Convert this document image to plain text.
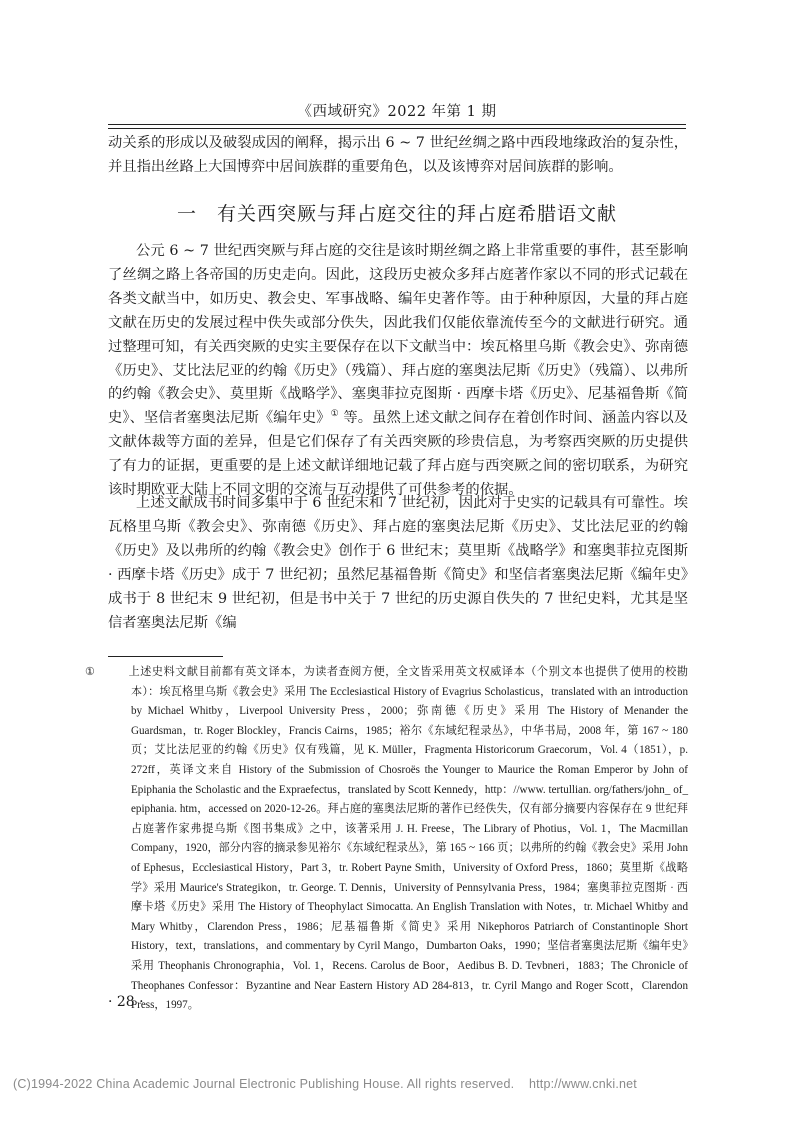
《西域研究》2022 年第 1 期

动关系的形成以及破裂成因的阐释，揭示出 6 ~ 7 世纪丝绸之路中西段地缘政治的复杂性，并且指出丝路上大国博弈中居间族群的重要角色，以及该博弈对居间族群的影响。

一　有关西突厥与拜占庭交往的拜占庭希腊语文献

公元 6 ~ 7 世纪西突厥与拜占庭的交往是该时期丝绸之路上非常重要的事件，甚至影响了丝绸之路上各帝国的历史走向。因此，这段历史被众多拜占庭著作家以不同的形式记载在各类文献当中，如历史、教会史、军事战略、编年史著作等。由于种种原因，大量的拜占庭文献在历史的发展过程中佚失或部分佚失，因此我们仅能依靠流传至今的文献进行研究。通过整理可知，有关西突厥的史实主要保存在以下文献当中：埃瓦格里乌斯《教会史》、弥南德《历史》、艾比法尼亚的约翰《历史》（残篇）、拜占庭的塞奥法尼斯《历史》（残篇）、以弗所的约翰《教会史》、莫里斯《战略学》、塞奥菲拉克图斯 · 西摩卡塔《历史》、尼基福鲁斯《简史》、坚信者塞奥法尼斯《编年史》① 等。虽然上述文献之间存在着创作时间、涵盖内容以及文献体裁等方面的差异，但是它们保存了有关西突厥的珍贵信息，为考察西突厥的历史提供了有力的证据，更重要的是上述文献详细地记载了拜占庭与西突厥之间的密切联系，为研究该时期欧亚大陆上不同文明的交流与互动提供了可供参考的依据。

上述文献成书时间多集中于 6 世纪末和 7 世纪初，因此对于史实的记载具有可靠性。埃瓦格里乌斯《教会史》、弥南德《历史》、拜占庭的塞奥法尼斯《历史》、艾比法尼亚的约翰《历史》及以弗所的约翰《教会史》创作于 6 世纪末；莫里斯《战略学》和塞奥菲拉克图斯 · 西摩卡塔《历史》成于 7 世纪初；虽然尼基福鲁斯《简史》和坚信者塞奥法尼斯《编年史》成书于 8 世纪末 9 世纪初，但是书中关于 7 世纪的历史源自佚失的 7 世纪史料，尤其是坚信者塞奥法尼斯《编

①	上述史料文献目前都有英文译本，为读者查阅方便，全文皆采用英文权威译本（个别文本也提供了使用的校勘本）：埃瓦格里乌斯《教会史》采用 The Ecclesiastical History of Evagrius Scholasticus，translated with an introduction by Michael Whitby，Liverpool University Press，2000；弥南德《历史》采用 The History of Menander the Guardsman，tr. Roger Blockley，Francis Cairns，1985；裕尔《东域纪程录丛》，中华书局，2008 年，第 167 ~ 180 页；艾比法尼亚的约翰《历史》仅有残篇，见 K. Müller，Fragmenta Historicorum Graecorum，Vol. 4（1851），p. 272ff，英译文来自 History of the Submission of Chosroës the Younger to Maurice the Roman Emperor by John of Epiphania the Scholastic and the Expraefectus，translated by Scott Kennedy，http：//www. tertullian. org/fathers/john_ of_ epiphania. htm，accessed on 2020-12-26。拜占庭的塞奥法尼斯的著作已经佚失，仅有部分摘要内容保存在 9 世纪拜占庭著作家弗提乌斯《图书集成》之中，该著采用 J. H. Freese，The Library of Photius，Vol. 1，The Macmillan Company，1920，部分内容的摘录参见裕尔《东域纪程录丛》，第 165 ~ 166 页；以弗所的约翰《教会史》采用 John of Ephesus，Ecclesiastical History，Part 3，tr. Robert Payne Smith，University of Oxford Press，1860；莫里斯《战略学》采用 Maurice's Strategikon，tr. George. T. Dennis，University of Pennsylvania Press，1984；塞奥菲拉克图斯 · 西摩卡塔《历史》采用 The History of Theophylact Simocatta. An English Translation with Notes，tr. Michael Whitby and Mary Whitby，Clarendon Press，1986；尼基福鲁斯《简史》采用 Nikephoros Patriarch of Constantinople Short History，text，translations，and commentary by Cyril Mango，Dumbarton Oaks，1990；坚信者塞奥法尼斯《编年史》采用 Theophanis Chronographia，Vol. 1，Recens. Carolus de Boor，Aedibus B. D. Tevbneri，1883；The Chronicle of Theophanes Confessor：Byzantine and Near Eastern History AD 284-813，tr. Cyril Mango and Roger Scott，Clarendon Press，1997。

· 28 ·
(C)1994-2022 China Academic Journal Electronic Publishing House. All rights reserved.    http://www.cnki.net
